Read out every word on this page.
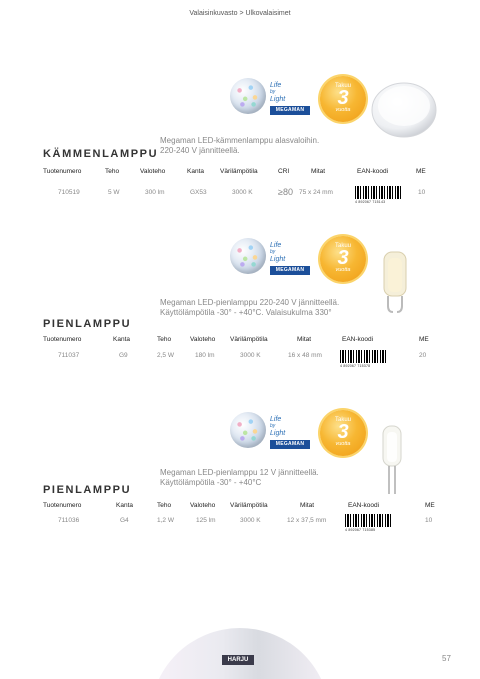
Valaisinkuvasto > Ulkovalaisimet
Life
by
Light
MEGAMAN
Takuu
3
vuotta
Megaman LED-kämmenlamppu alasvaloihin.
220-240 V jännitteellä.
KÄMMENLAMPPU
Tuotenumero	Teho	Valoteho	Kanta Värilämpötila	CRI	Mitat	EAN-koodi	ME
710519	5 W	300 lm	GX53	3000 K	≥80 75 x 24 mm	10
4 892067 715143
Life
by
Light
MEGAMAN
Takuu
3
vuotta
Megaman LED-pienlamppu 220-240 V jännitteellä.
Käyttölämpötila -30° - +40°C. Valaisukulma 330°
PIENLAMPPU
Tuotenumero	Kanta	Teho	Valoteho Värilämpötila	Mitat	EAN-koodi	ME
711037	G9	2,5 W	180 lm	3000 K	16 x 48 mm	20
4 892067 715378
Life
by
Light
MEGAMAN
Takuu
3
vuotta
Megaman LED-pienlamppu 12 V jännitteellä.
Käyttölämpötila -30° - +40°C
PIENLAMPPU
Tuotenumero	Kanta	Teho	Valoteho Värilämpötila	Mitat	EAN-koodi	ME
711036	G4	1,2 W	125 lm	3000 K	12 x 37,5 mm	10
4 892067 715385
HARJU	57
